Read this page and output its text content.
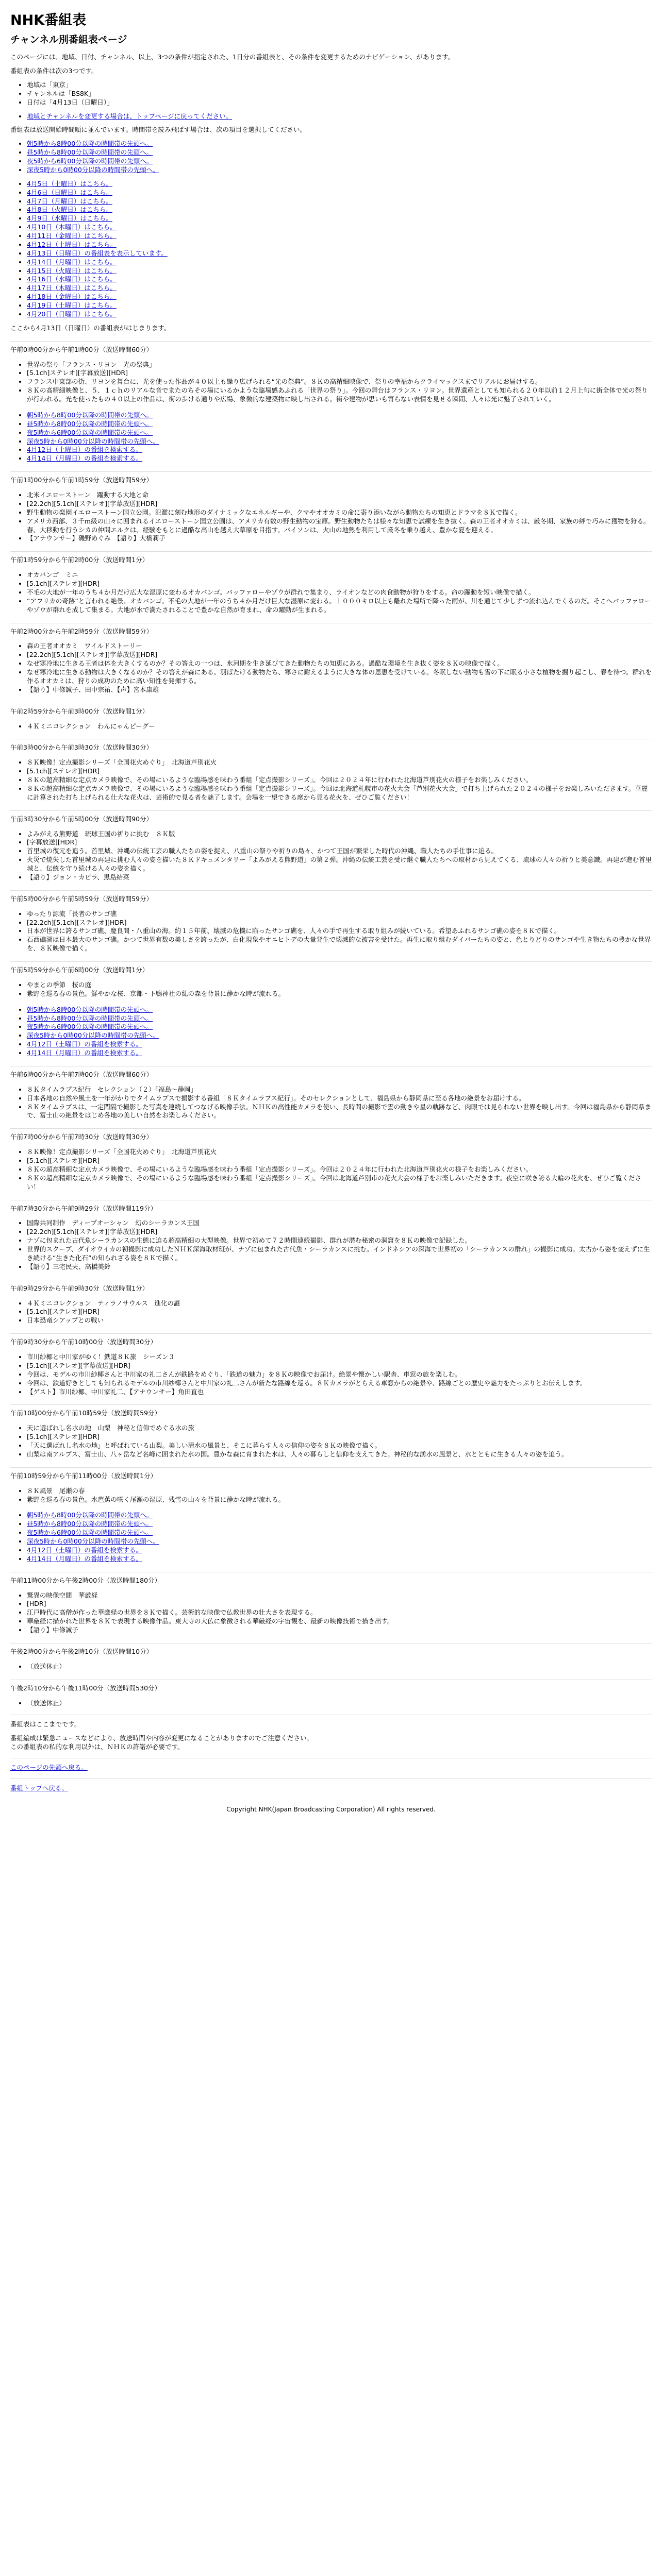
NHK番組表
チャンネル別番組表ページ

このページには、地域、日付、チャンネル、以上、3つの条件が指定された、1日分の番組表と、その条件を変更するためのナビゲーション、があります。

番組表の条件は次の3つです。

• 地域は「東京」
• チャンネルは「BS8K」
• 日付は「4月13日（日曜日）」
• 地域とチャンネルを変更する場合は、トップページに戻ってください。

番組表は放送開始時間順に並んでいます。時間帯を読み飛ばす場合は、次の項目を選択してください。

• 朝5時から8時00分以降の時間帯の先頭へ。
• 昼5時から8時00分以降の時間帯の先頭へ。
• 夜5時から6時00分以降の時間帯の先頭へ。
• 深夜5時から0時00分以降の時間帯の先頭へ。
• 4月5日（土曜日）はこちら。
• 4月6日（日曜日）はこちら。
• 4月7日（月曜日）はこちら。
• 4月8日（火曜日）はこちら。
• 4月9日（水曜日）はこちら。
• 4月10日（木曜日）はこちら。
• 4月11日（金曜日）はこちら。
• 4月12日（土曜日）はこちら。
• 4月13日（日曜日）の番組表を表示しています。
• 4月14日（月曜日）はこちら。
• 4月15日（火曜日）はこちら。
• 4月16日（水曜日）はこちら。
• 4月17日（木曜日）はこちら。
• 4月18日（金曜日）はこちら。
• 4月19日（土曜日）はこちら。
• 4月20日（日曜日）はこちら。

ここから4月13日（日曜日）の番組表がはじまります。

午前0時00分から午前1時00分（放送時間60分）

• 世界の祭り「フランス・リヨン　光の祭典」
• [5.1ch]ステレオ][字幕放送][HDR]
• フランス中東部の街、リヨンを舞台に、光を使った作品が４０以上も繰り広げられる“光の祭典”。８Ｋの高精細映像で、祭りの幸福からクライマックスまでリアルにお届けする。
• ８Ｋの高精細映像と、５．１ｃｈのリアルな音でまたのちその場にいるかような臨場感あふれる「世界の祭り」。今回の舞台はフランス・リヨン。世界遺産としても知られる２０年以前１２月上旬に街全体で光の祭りが行われる。光を使ったもの４０以上の作品は、街の歩ける通りや広場、象徴的な建築物に映し出される。街や建物が思いも寄らない表情を見せる瞬間、人々は光に魅了されていく。
• 朝5時から8時00分以降の時間帯の先頭へ。
• 昼5時から8時00分以降の時間帯の先頭へ。
• 夜5時から6時00分以降の時間帯の先頭へ。
• 深夜5時から0時00分以降の時間帯の先頭へ。
• 4月12日（土曜日）の番組を検索する。
• 4月14日（月曜日）の番組を検索する。

午前1時00分から午前1時59分（放送時間59分）

• 北米イエローストーン　躍動する大地と命
• [22.2ch][5.1ch][ステレオ][字幕放送][HDR]
• 野生動物の楽園イエローストーン国立公園。氾濫に刻む地形のダイナミックなエネルギーや、クマやオオカミの命に寄り添いながら動物たちの知恵とドラマを８Ｋで描く。
• アメリカ西部、３千ｍ級の山々に囲まれるイエローストーン国立公園は、アメリカ有数の野生動物の宝庫。野生動物たちは様々な知恵で試練を生き抜く。森の王者オオカミは、厳冬期、家族の絆で巧みに獲物を狩る。春、大移動を行うシカの仲間エルクは、経験をもとに過酷な高山を越え大草原を目指す。バイソンは、火山の地熱を利用して厳冬を乗り越え、豊かな夏を迎える。
• 【アナウンサー】磯野めぐみ　【語り】大橋莉子

午前1時59分から午前2時00分（放送時間1分）

• オカバンゴ　ミニ
• [5.1ch][ステレオ][HDR]
• 不毛の大地が一年のうち４か月だけ広大な湿原に変わるオカバンゴ。バッファローやゾウが群れで集まり、ライオンなどの肉食動物が狩りをする。命の躍動を短い映像で描く。
• “アフリカの奇跡”と言われる絶景、オカバンゴ。不毛の大地が一年のうち４か月だけ巨大な湿原に変わる。１０００キロ以上も離れた場所で降った雨が、川を通じて少しずつ流れ込んでくるのだ。そこへバッファローやゾウが群れを成して集まる。大地が水で満たされることで豊かな自然が育まれ、命の躍動が生まれる。

午前2時00分から午前2時59分（放送時間59分）

• 森の王者オオカミ　ワイルドストーリー
• [22.2ch][5.1ch][ステレオ][字幕放送][HDR]
• なぜ寒冷地に生きる王者は体を大きくするのか？その答えの一つは、氷河期を生き延びてきた動物たちの知恵にある。過酷な環境を生き抜く姿を８Ｋの映像で描く。
• なぜ寒冷地に生きる動物は大きくなるのか？その答えが森にある。羽ばたける動物たち、寒さに耐えるように大きな体の恩恵を受けている。冬眠しない動物も雪の下に眠る小さな植物を掘り起こし、春を待つ。群れを作るオオカミは、狩りの成功のために高い知性を発揮する。
• 【語り】中條誠子、田中宗祐、【声】宮本康雄

午前2時59分から午前3時00分（放送時間1分）

• ４Ｋミニコレクション　わんにゃんピーグー

午前3時00分から午前3時30分（放送時間30分）

• ８Ｋ映像！定点撮影シリーズ「全国花火めぐり」　北海道芦別花火
• [5.1ch][ステレオ][HDR]
• ８Ｋの超高精細な定点カメラ映像で、その場にいるような臨場感を味わう番組「定点撮影シリーズ」。今回は２０２４年に行われた北海道芦別花火の様子をお楽しみください。
• ８Ｋの超高精細な定点カメラ映像で、その場にいるような臨場感を味わう番組「定点撮影シリーズ」。今回は北海道札幌市の花火大会「芦別花火大会」で打ち上げられた２０２４の様子をお楽しみいただきます。華麗に計算された打ち上げられる仕大な花火は、芸術的で見る者を魅了します。会場を一望できる席から見る花火を、ぜひご覧ください！

午前3時30分から午前5時00分（放送時間90分）

• よみがえる熊野道　琉球王国の祈りに挑む　８Ｋ版
• [字幕放送][HDR]
• 首里城の復元を追う。首里城、沖縄の伝統工芸の職人たちの姿を捉え、八重山の祭りや祈りの島々、かつて王国が繁栄した時代の沖縄、職人たちの手仕事に迫る。
• 火災で焼失した首里城の再建に挑む人々の姿を描いた８Ｋドキュメンタリー「よみがえる熊野道」の第２弾。沖縄の伝統工芸を受け継ぐ職人たちへの取材から見えてくる、琉球の人々の祈りと美意識。再建が進む首里城と、伝統を守り続ける人々の姿を描く。
• 【語り】ジョン・カビラ、黒島結菜

午前5時00分から午前5時59分（放送時間59分）

• ゆったり源流「長者のサンゴ礁
• [22.2ch][5.1ch][ステレオ][HDR]
• 日本が世界に誇るサンゴ礁、慶良間・八重山の海。約１５年前、壊滅の危機に陥ったサンゴ礁を、人々の手で再生する取り組みが続いている。希望あふれるサンゴ礁の姿を８Ｋで描く。
• 石西礁湖は日本最大のサンゴ礁。かつて世界有数の美しさを誇ったが、白化現象やオニヒトデの大量発生で壊滅的な被害を受けた。再生に取り組むダイバーたちの姿と、色とりどりのサンゴや生き物たちの豊かな世界を、８Ｋ映像で描く。

午前5時59分から午前6時00分（放送時間1分）

• やまとの季節　桜の庭
• 紫野を巡る春の景色。鮮やかな桜、京都・下鴨神社の糺の森を背景に静かな時が流れる。
• 朝5時から8時00分以降の時間帯の先頭へ。
• 昼5時から8時00分以降の時間帯の先頭へ。
• 夜5時から6時00分以降の時間帯の先頭へ。
• 深夜5時から0時00分以降の時間帯の先頭へ。
• 4月12日（土曜日）の番組を検索する。
• 4月14日（月曜日）の番組を検索する。

午前6時00分から午前7時00分（放送時間60分）

• ８Ｋタイムラプス紀行　セレクション（２）「福島～静岡」
• 日本各地の自然や風土を一年がかりでタイムラプスで撮影する番組「８Ｋタイムラプス紀行」。そのセレクションとして、福島県から静岡県に至る各地の絶景をお届けする。
• ８Ｋタイムラプスは、一定間隔で撮影した写真を連続してつなげる映像手法。ＮＨＫの高性能カメラを使い、長時間の撮影で雲の動きや星の軌跡など、肉眼では見られない世界を映し出す。今回は福島県から静岡県まで、富士山の絶景をはじめ各地の美しい自然をお楽しみください。

午前7時00分から午前7時30分（放送時間30分）

• ８Ｋ映像！定点撮影シリーズ「全国花火めぐり」　北海道芦別花火
• [5.1ch][ステレオ][HDR]
• ８Ｋの超高精細な定点カメラ映像で、その場にいるような臨場感を味わう番組「定点撮影シリーズ」。今回は２０２４年に行われた北海道芦別花火の様子をお楽しみください。
• ８Ｋの超高精細な定点カメラ映像で、その場にいるような臨場感を味わう番組「定点撮影シリーズ」。今回は北海道芦別市の花火大会の様子をお楽しみいただきます。夜空に咲き誇る大輪の花火を、ぜひご覧ください！

午前7時30分から午前9時29分（放送時間119分）

• 国際共同制作　ディープオーシャン　幻のシーラカンス王国
• [22.2ch][5.1ch][ステレオ][字幕放送][HDR]
• ナゾに包まれた古代魚シーラカンスの生態に迫る超高精細の大型映像。世界で初めて７２時間連続撮影、群れが潜む秘密の洞窟を８Ｋの映像で記録した。
• 世界的スクープ、ダイオウイカの初撮影に成功したＮＨＫ深海取材班が、ナゾに包まれた古代魚・シーラカンスに挑む。インドネシアの深海で世界初の「シーラカンスの群れ」の撮影に成功。太古から姿を変えずに生き続ける“生きた化石”の知られざる姿を８Ｋで描く。
• 【語り】三宅民夫、高橋美鈴

午前9時29分から午前9時30分（放送時間1分）

• ４Ｋミニコレクション　ティラノサウルス　進化の謎
• [5.1ch][ステレオ][HDR]
• 日本恐竜シアップとの戦い

午前9時30分から午前10時00分（放送時間30分）

• 市川紗椰と中川家がゆく！鉄道８Ｋ旅　シーズン３
• [5.1ch][ステレオ][字幕放送][HDR]
• 今回は、モデルの市川紗椰さんと中川家の礼二さんが鉄路をめぐり、「鉄道の魅力」を８Ｋの映像でお届け。絶景や懐かしい駅舎、車窓の旅を楽しむ。
• 今回は、鉄道好きとしても知られるモデルの市川紗椰さんと中川家の礼二さんが新たな路線を巡る。８Ｋカメラがとらえる車窓からの絶景や、路線ごとの歴史や魅力をたっぷりとお伝えします。
• 【ゲスト】市川紗椰、中川家礼二、【アナウンサー】角田直也

午前10時00分から午前10時59分（放送時間59分）

• 天に選ばれし名水の地　山梨　神秘と信仰でめぐる水の旅
• [5.1ch][ステレオ][HDR]
• 「天に選ばれし名水の地」と呼ばれている山梨。美しい清水の風景と、そこに暮らす人々の信仰の姿を８Ｋの映像で描く。
• 山梨は南アルプス、富士山、八ヶ岳など名峰に囲まれた水の国。豊かな森に育まれた水は、人々の暮らしと信仰を支えてきた。神秘的な湧水の風景と、水とともに生きる人々の姿を追う。

午前10時59分から午前11時00分（放送時間1分）

• ８Ｋ風景　尾瀬の春
• 紫野を巡る春の景色。水芭蕉の咲く尾瀬の湿原、残雪の山々を背景に静かな時が流れる。
• 朝5時から8時00分以降の時間帯の先頭へ。
• 昼5時から8時00分以降の時間帯の先頭へ。
• 夜5時から6時00分以降の時間帯の先頭へ。
• 深夜5時から0時00分以降の時間帯の先頭へ。
• 4月12日（土曜日）の番組を検索する。
• 4月14日（月曜日）の番組を検索する。

午前11時00分から午後2時00分（放送時間180分）

• 驚異の映像空間　華厳経
• [HDR]
• 江戸時代に高僧が作った華厳経の世界を８Ｋで描く。芸術的な映像で仏教世界の壮大さを表現する。
• 華厳経に描かれた世界を８Ｋで表現する映像作品。東大寺の大仏に象徴される華厳経の宇宙観を、最新の映像技術で描き出す。
• 【語り】中條誠子

午後2時00分から午後2時10分（放送時間10分）

• （放送休止）

午後2時10分から午後11時00分（放送時間530分）

• （放送休止）

番組表はここまでです。

番組編成は緊急ニュースなどにより、放送時間や内容が変更になることがありますのでご注意ください。

この番組表の私的な利用以外は、ＮＨＫの許諾が必要です。

このページの先頭へ戻る。

番組トップへ戻る。

Copyright NHK(Japan Broadcasting Corporation) All rights reserved.
